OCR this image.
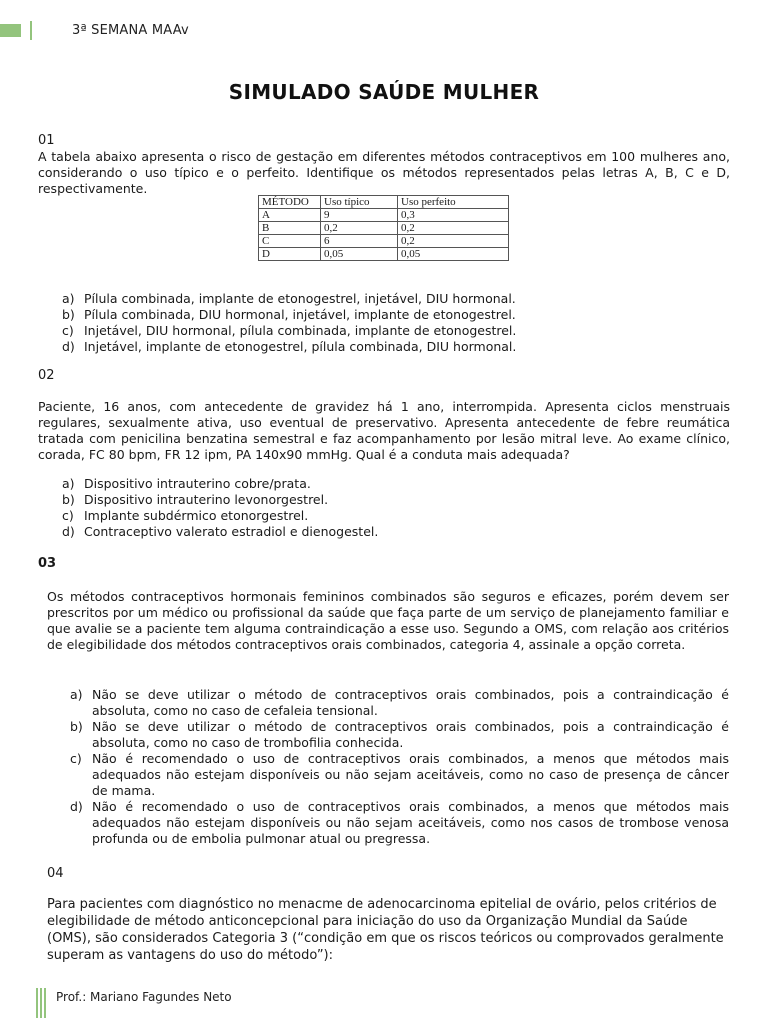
3ª SEMANA MAAv
SIMULADO SAÚDE MULHER
01
A tabela abaixo apresenta o risco de gestação em diferentes métodos contraceptivos em 100 mulheres ano, considerando o uso típico e o perfeito. Identifique os métodos representados pelas letras A, B, C e D, respectivamente.
MÉTODO	Uso típico	Uso perfeito
A	9	0,3
B	0,2	0,2
C	6	0,2
D	0,05	0,05
a) Pílula combinada, implante de etonogestrel, injetável, DIU hormonal.
b) Pílula combinada, DIU hormonal, injetável, implante de etonogestrel.
c) Injetável, DIU hormonal, pílula combinada, implante de etonogestrel.
d) Injetável, implante de etonogestrel, pílula combinada, DIU hormonal.
02
Paciente, 16 anos, com antecedente de gravidez há 1 ano, interrompida. Apresenta ciclos menstruais regulares, sexualmente ativa, uso eventual de preservativo. Apresenta antecedente de febre reumática tratada com penicilina benzatina semestral e faz acompanhamento por lesão mitral leve. Ao exame clínico, corada, FC 80 bpm, FR 12 ipm, PA 140x90 mmHg. Qual é a conduta mais adequada?
a) Dispositivo intrauterino cobre/prata.
b) Dispositivo intrauterino levonorgestrel.
c) Implante subdérmico etonorgestrel.
d) Contraceptivo valerato estradiol e dienogestel.
03
Os métodos contraceptivos hormonais femininos combinados são seguros e eficazes, porém devem ser prescritos por um médico ou profissional da saúde que faça parte de um serviço de planejamento familiar e que avalie se a paciente tem alguma contraindicação a esse uso. Segundo a OMS, com relação aos critérios de elegibilidade dos métodos contraceptivos orais combinados, categoria 4, assinale a opção correta.
a) Não se deve utilizar o método de contraceptivos orais combinados, pois a contraindicação é absoluta, como no caso de cefaleia tensional.
b) Não se deve utilizar o método de contraceptivos orais combinados, pois a contraindicação é absoluta, como no caso de trombofilia conhecida.
c) Não é recomendado o uso de contraceptivos orais combinados, a menos que métodos mais adequados não estejam disponíveis ou não sejam aceitáveis, como no caso de presença de câncer de mama.
d) Não é recomendado o uso de contraceptivos orais combinados, a menos que métodos mais adequados não estejam disponíveis ou não sejam aceitáveis, como nos casos de trombose venosa profunda ou de embolia pulmonar atual ou pregressa.
04
Para pacientes com diagnóstico no menacme de adenocarcinoma epitelial de ovário, pelos critérios de elegibilidade de método anticoncepcional para iniciação do uso da Organização Mundial da Saúde (OMS), são considerados Categoria 3 (“condição em que os riscos teóricos ou comprovados geralmente superam as vantagens do uso do método”):
Prof.: Mariano Fagundes Neto
